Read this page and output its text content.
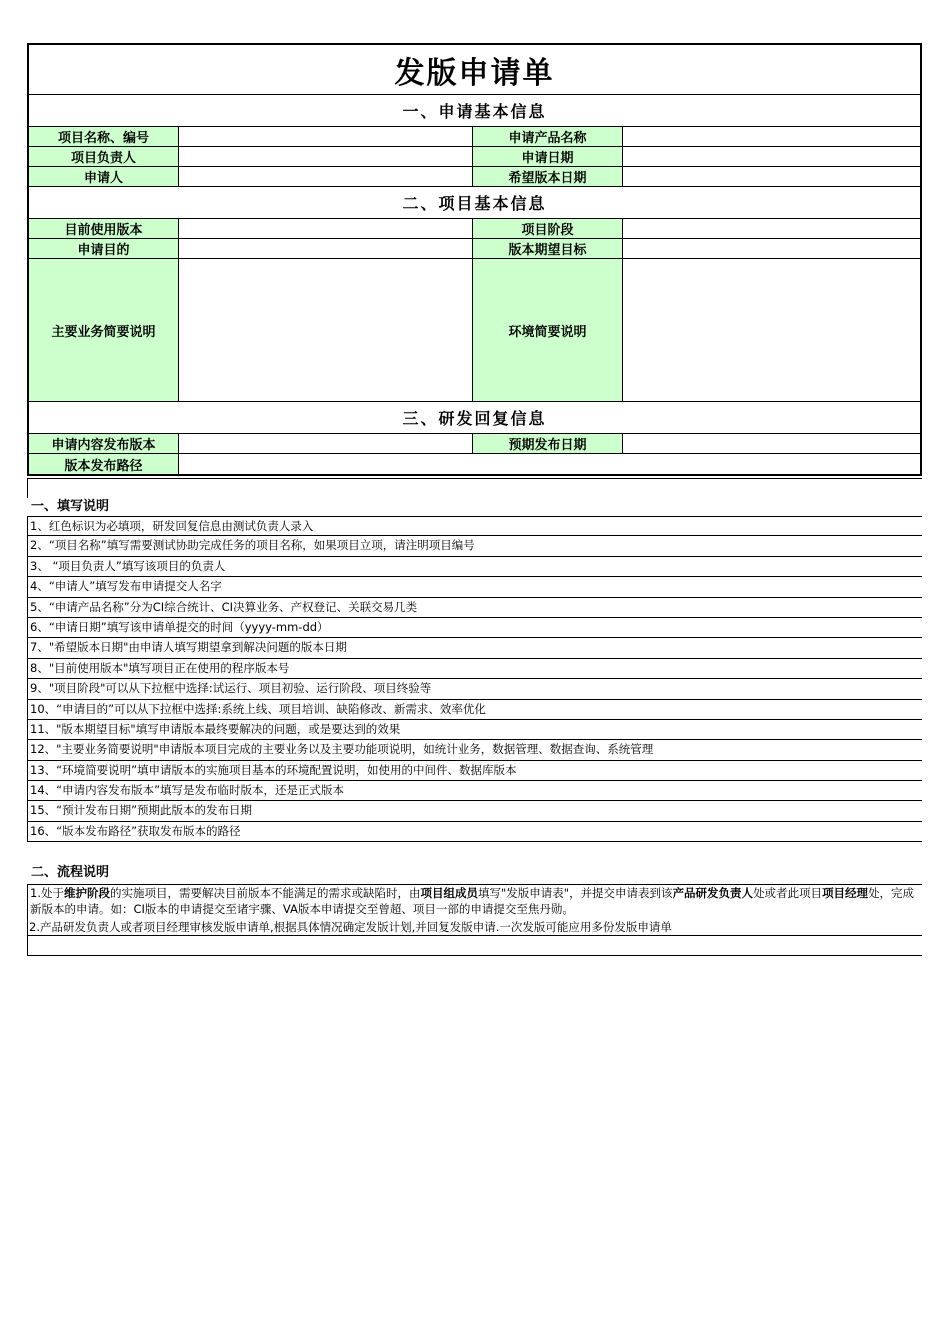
发版申请单
一、申请基本信息
项目名称、编号	申请产品名称
项目负责人	申请日期
申请人	希望版本日期
二、项目基本信息
目前使用版本	项目阶段
申请目的	版本期望目标
主要业务简要说明	环境简要说明
三、研发回复信息
申请内容发布版本	预期发布日期
版本发布路径
一、填写说明
1、红色标识为必填项，研发回复信息由测试负责人录入
2、“项目名称”填写需要测试协助完成任务的项目名称，如果项目立项，请注明项目编号
3、 “项目负责人”填写该项目的负责人
4、“申请人”填写发布申请提交人名字
5、“申请产品名称”分为CI综合统计、CI决算业务、产权登记、关联交易几类
6、“申请日期”填写该申请单提交的时间（yyyy-mm-dd）
7、"希望版本日期"由申请人填写期望拿到解决问题的版本日期
8、"目前使用版本"填写项目正在使用的程序版本号
9、"项目阶段"可以从下拉框中选择:试运行、项目初验、运行阶段、项目终验等
10、“申请目的”可以从下拉框中选择:系统上线、项目培训、缺陷修改、新需求、效率优化
11、"版本期望目标"填写申请版本最终要解决的问题，或是要达到的效果
12、"主要业务简要说明"申请版本项目完成的主要业务以及主要功能项说明，如统计业务，数据管理、数据查询、系统管理
13、“环境简要说明”填申请版本的实施项目基本的环境配置说明，如使用的中间件、数据库版本
14、“申请内容发布版本”填写是发布临时版本，还是正式版本
15、“预计发布日期”预期此版本的发布日期
16、“版本发布路径”获取发布版本的路径
二、流程说明
1.处于维护阶段的实施项目，需要解决目前版本不能满足的需求或缺陷时，由项目组成员填写"发版申请表"，并提交申请表到该产品研发负责人处或者此项目项目经理处，完成新版本的申请。如：CI版本的申请提交至诸宇骤、VA版本申请提交至曾超、项目一部的申请提交至焦丹勋。
2.产品研发负责人或者项目经理审核发版申请单,根据具体情况确定发版计划,并回复发版申请.一次发版可能应用多份发版申请单
